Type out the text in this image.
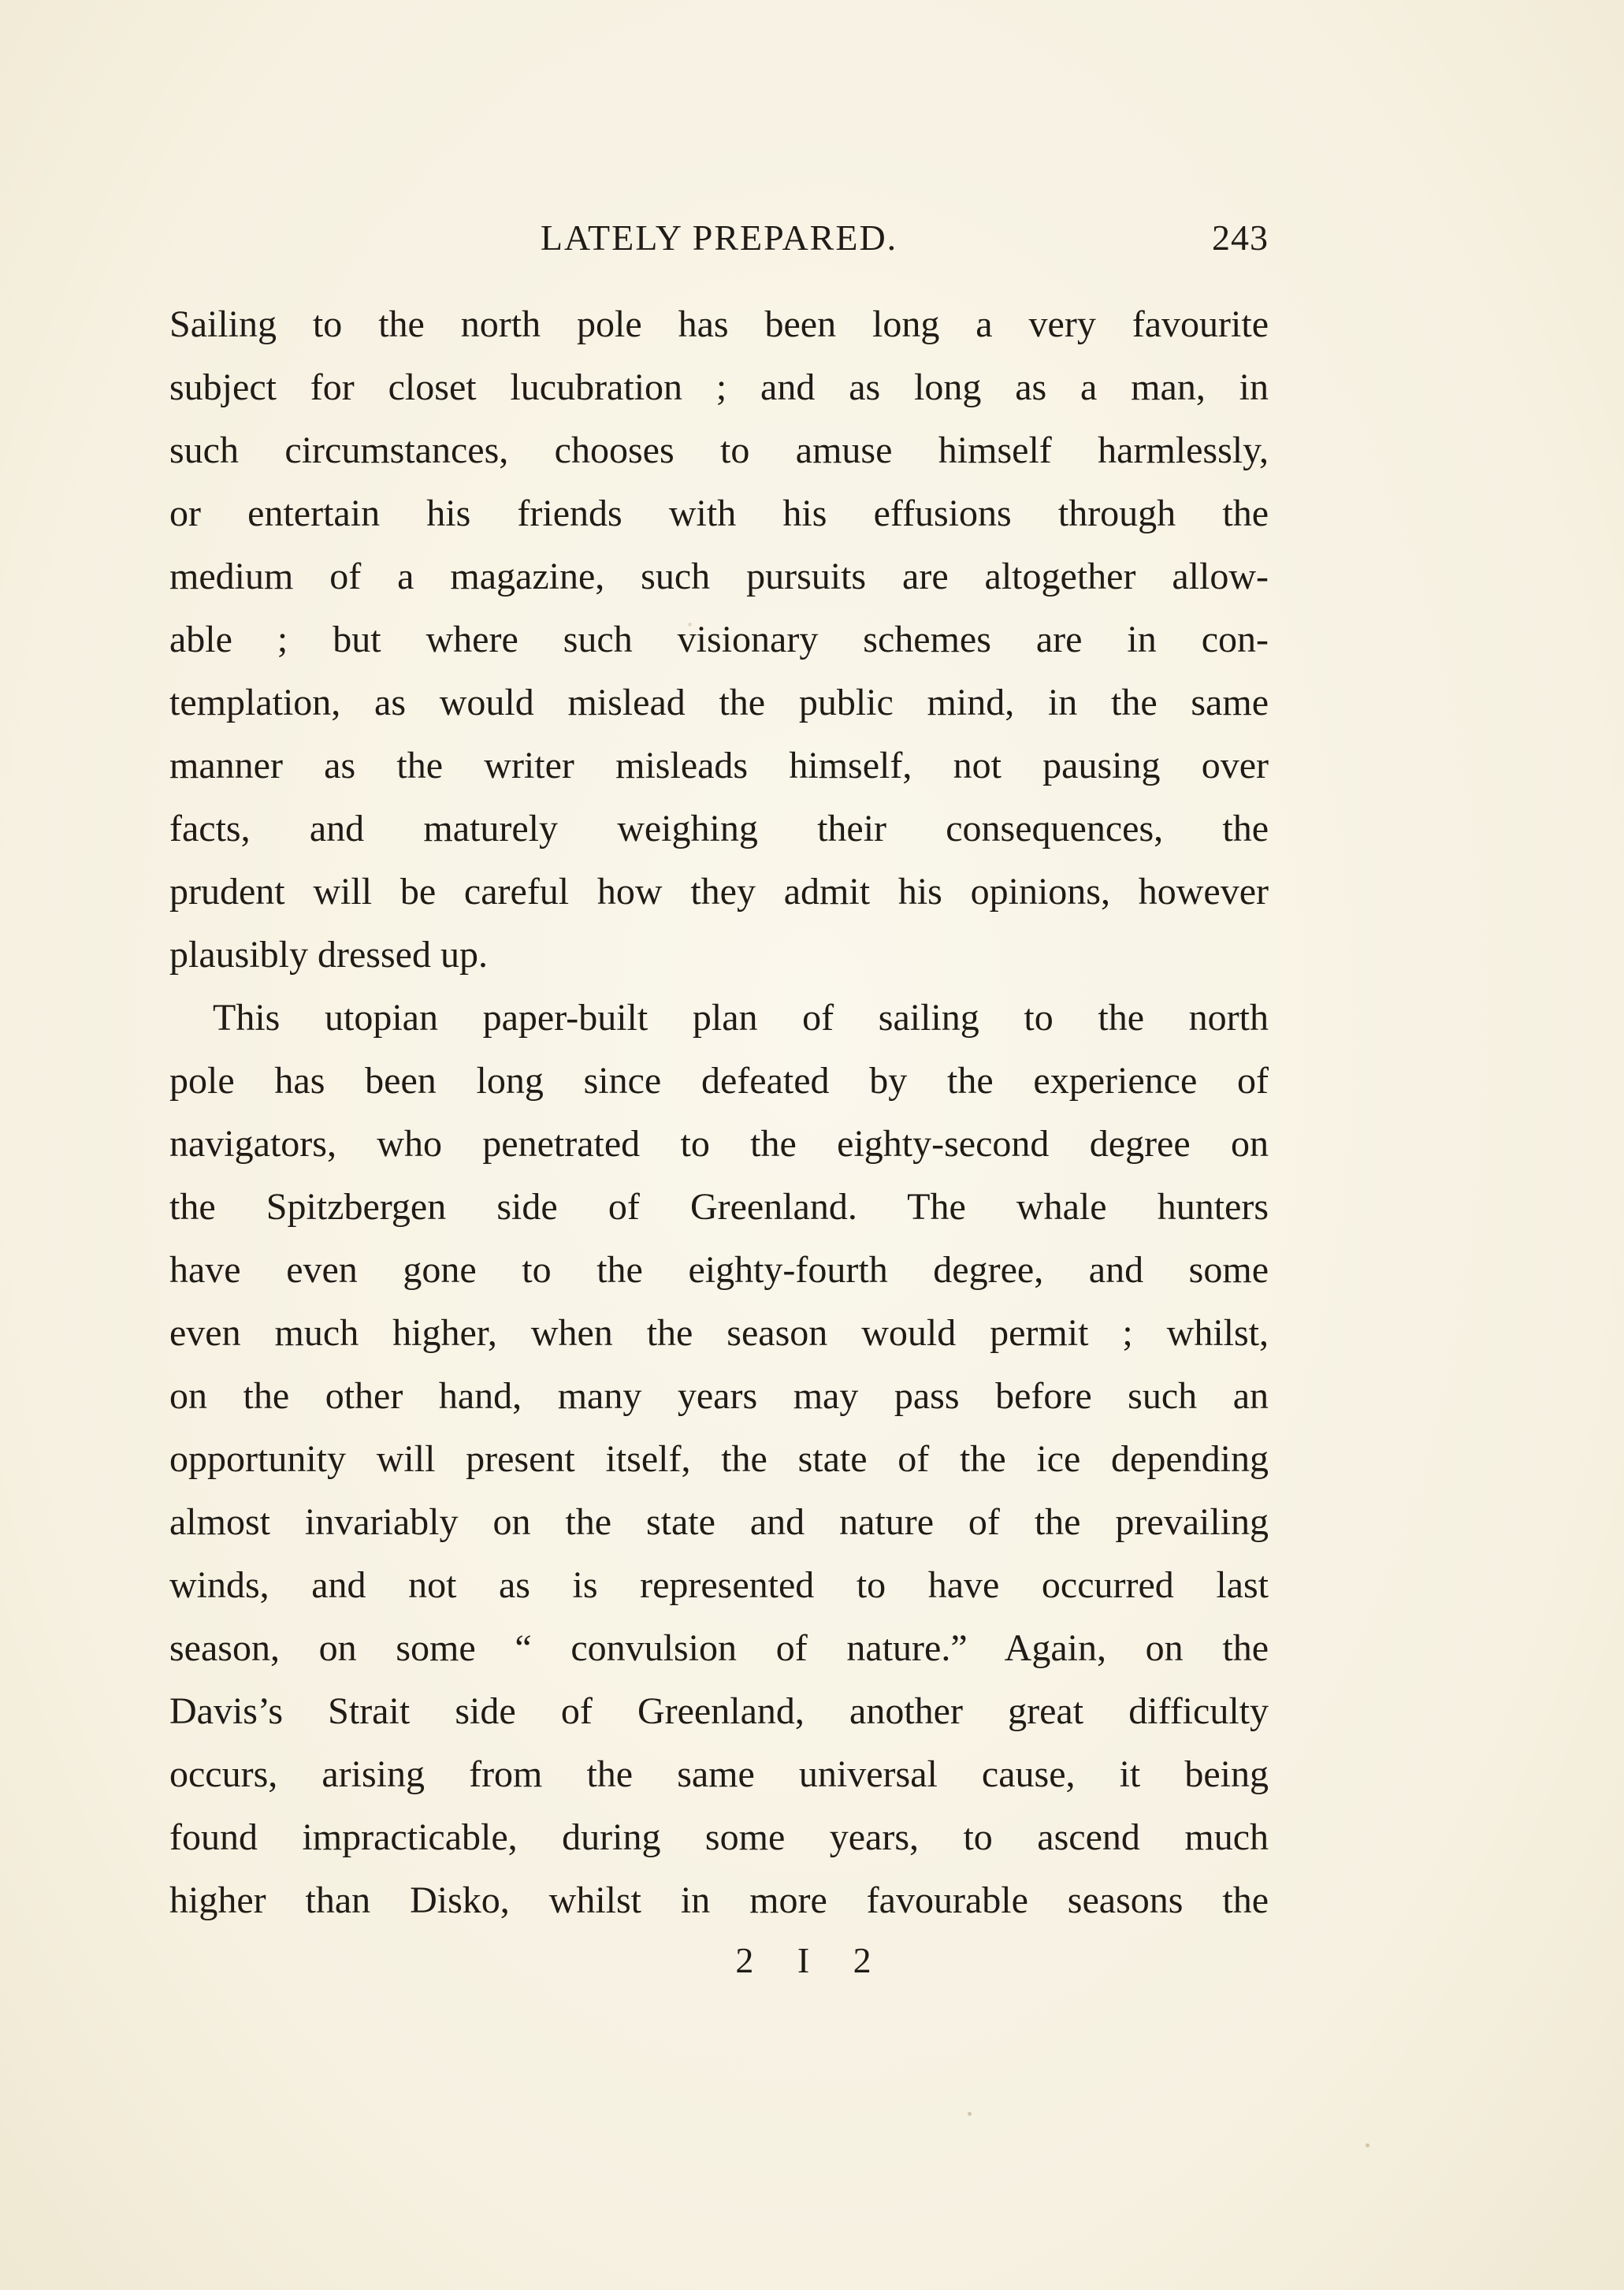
LATELY PREPARED.	243
Sailing to the north pole has been long a very favourite
subject for closet lucubration ; and as long as a man, in
such circumstances, chooses to amuse himself harmlessly,
or entertain his friends with his effusions through the
medium of a magazine, such pursuits are altogether allow-
able ; but where such visionary schemes are in con-
templation, as would mislead the public mind, in the same
manner as the writer misleads himself, not pausing over
facts, and maturely weighing their consequences, the
prudent will be careful how they admit his opinions, however
plausibly dressed up.
This utopian paper-built plan of sailing to the north
pole has been long since defeated by the experience of
navigators, who penetrated to the eighty-second degree on
the Spitzbergen side of Greenland. The whale hunters
have even gone to the eighty-fourth degree, and some
even much higher, when the season would permit ; whilst,
on the other hand, many years may pass before such an
opportunity will present itself, the state of the ice depending
almost invariably on the state and nature of the prevailing
winds, and not as is represented to have occurred last
season, on some “ convulsion of nature.” Again, on the
Davis’s Strait side of Greenland, another great difficulty
occurs, arising from the same universal cause, it being
found impracticable, during some years, to ascend much
higher than Disko, whilst in more favourable seasons the
2 I 2
